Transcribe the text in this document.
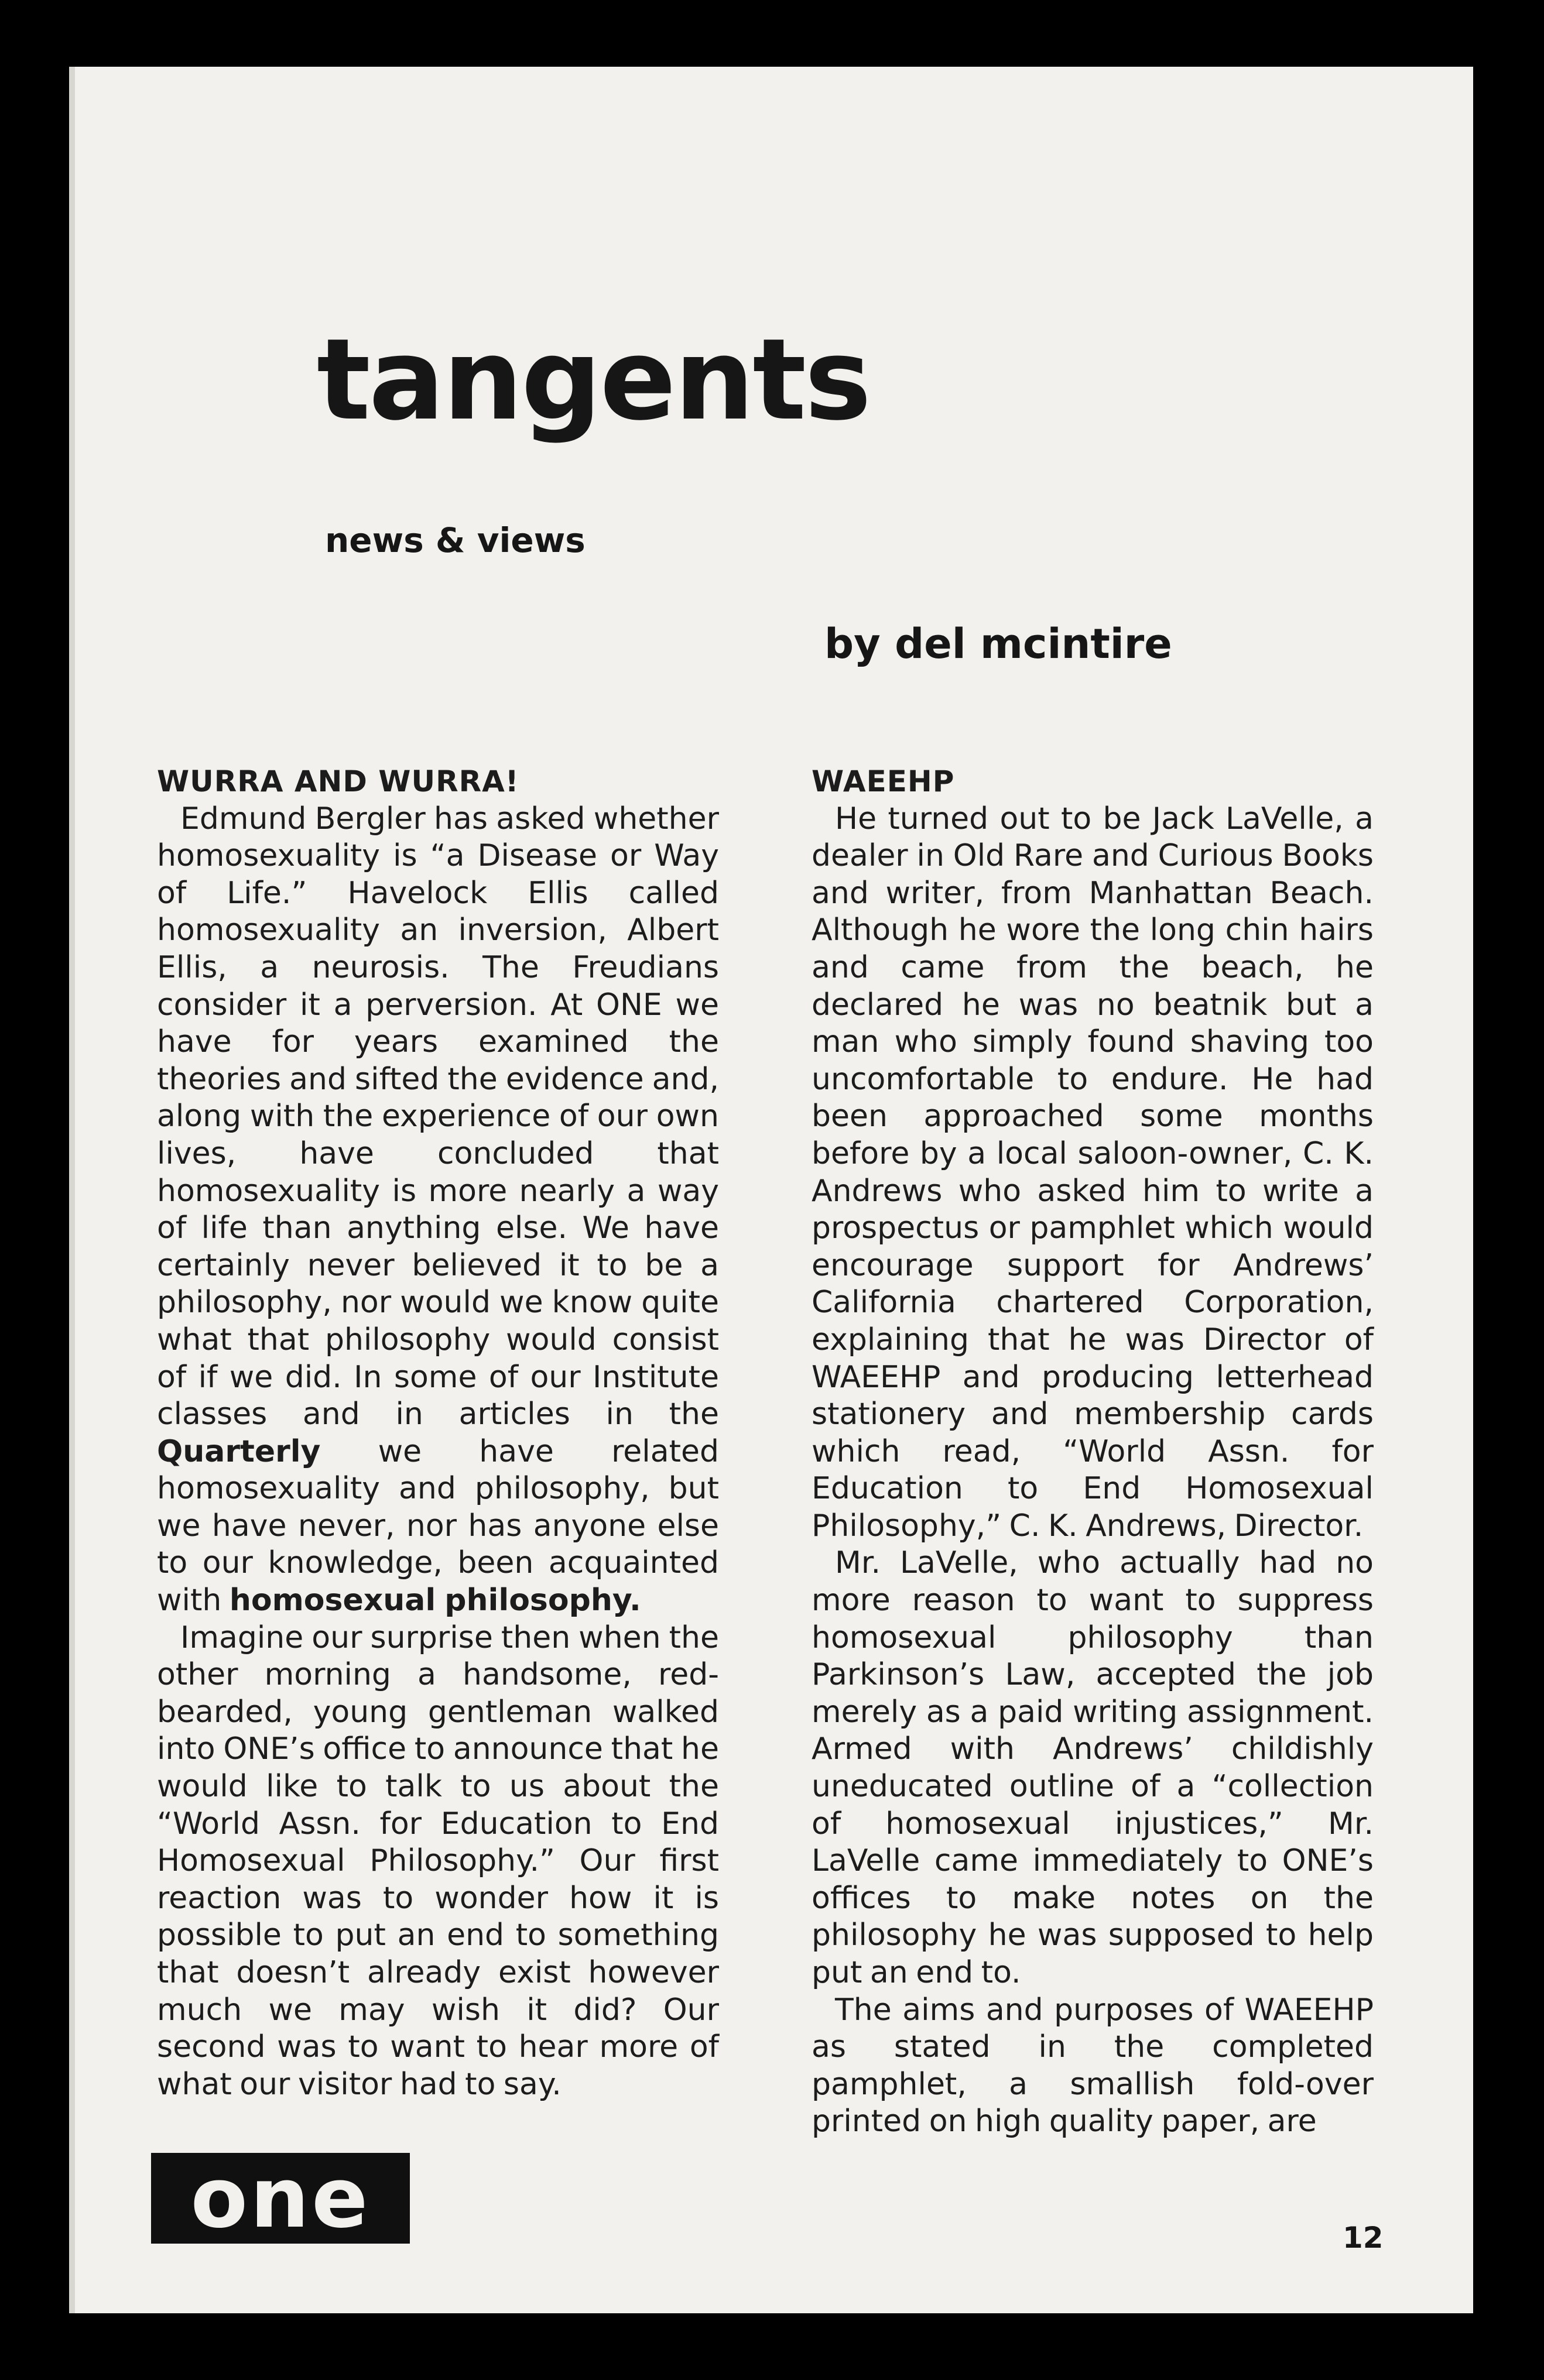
tangents
news & views
by del mcintire
WURRA AND WURRA!

Edmund Bergler has asked whether homosexuality is “a Disease or Way of Life.” Havelock Ellis called homosexuality an inversion, Albert Ellis, a neurosis. The Freudians consider it a perversion. At ONE we have for years examined the theories and sifted the evidence and, along with the experience of our own lives, have concluded that homosexuality is more nearly a way of life than anything else. We have certainly never believed it to be a philosophy, nor would we know quite what that philosophy would consist of if we did. In some of our Institute classes and in articles in the Quarterly we have related homosexuality and philosophy, but we have never, nor has anyone else to our knowledge, been acquainted with homosexual philosophy.

Imagine our surprise then when the other morning a handsome, red-bearded, young gentleman walked into ONE’s office to announce that he would like to talk to us about the “World Assn. for Education to End Homosexual Philosophy.” Our first reaction was to wonder how it is possible to put an end to something that doesn’t already exist however much we may wish it did? Our second was to want to hear more of what our visitor had to say.

WAEEHP

He turned out to be Jack LaVelle, a dealer in Old Rare and Curious Books and writer, from Manhattan Beach. Although he wore the long chin hairs and came from the beach, he declared he was no beatnik but a man who simply found shaving too uncomfortable to endure. He had been approached some months before by a local saloon-owner, C. K. Andrews who asked him to write a prospectus or pamphlet which would encourage support for Andrews’ California chartered Corporation, explaining that he was Director of WAEEHP and producing letterhead stationery and membership cards which read, “World Assn. for Education to End Homosexual Philosophy,” C. K. Andrews, Director.

Mr. LaVelle, who actually had no more reason to want to suppress homosexual philosophy than Parkinson’s Law, accepted the job merely as a paid writing assignment. Armed with Andrews’ childishly uneducated outline of a “collection of homosexual injustices,” Mr. LaVelle came immediately to ONE’s offices to make notes on the philosophy he was supposed to help put an end to.

The aims and purposes of WAEEHP as stated in the completed pamphlet, a smallish fold-over printed on high quality paper, are

one	12
